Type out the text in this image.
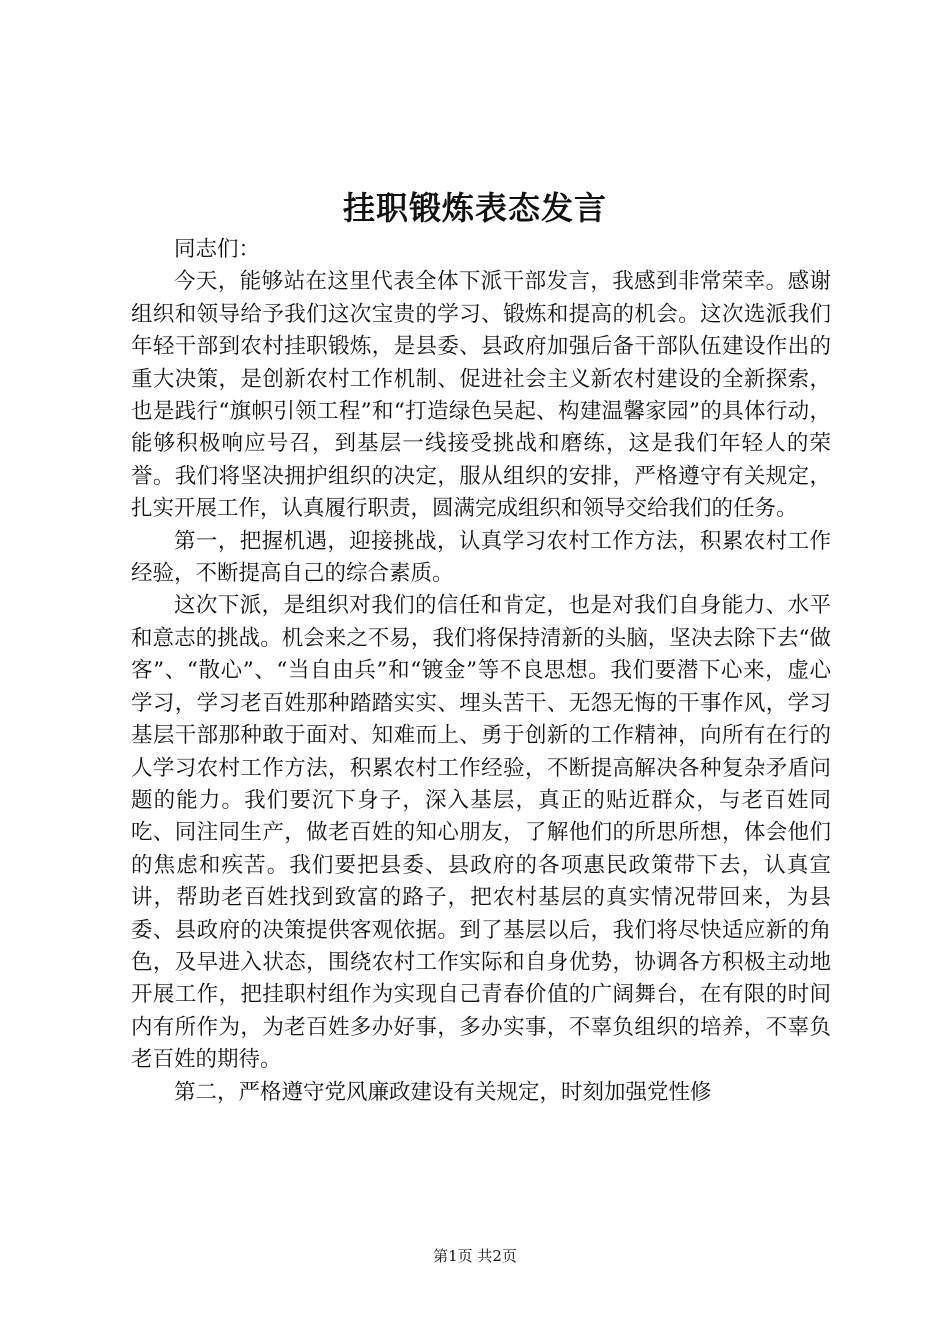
挂职锻炼表态发言

同志们：

今天，能够站在这里代表全体下派干部发言，我感到非常荣幸。感谢组织和领导给予我们这次宝贵的学习、锻炼和提高的机会。这次选派我们年轻干部到农村挂职锻炼，是县委、县政府加强后备干部队伍建设作出的重大决策，是创新农村工作机制、促进社会主义新农村建设的全新探索，也是践行“旗帜引领工程”和“打造绿色吴起、构建温馨家园”的具体行动，能够积极响应号召，到基层一线接受挑战和磨练，这是我们年轻人的荣誉。我们将坚决拥护组织的决定，服从组织的安排，严格遵守有关规定，扎实开展工作，认真履行职责，圆满完成组织和领导交给我们的任务。

第一，把握机遇，迎接挑战，认真学习农村工作方法，积累农村工作经验，不断提高自己的综合素质。

这次下派，是组织对我们的信任和肯定，也是对我们自身能力、水平和意志的挑战。机会来之不易，我们将保持清新的头脑，坚决去除下去“做客”、“散心”、“当自由兵”和“镀金”等不良思想。我们要潜下心来，虚心学习，学习老百姓那种踏踏实实、埋头苦干、无怨无悔的干事作风，学习基层干部那种敢于面对、知难而上、勇于创新的工作精神，向所有在行的人学习农村工作方法，积累农村工作经验，不断提高解决各种复杂矛盾问题的能力。我们要沉下身子，深入基层，真正的贴近群众，与老百姓同吃、同注同生产，做老百姓的知心朋友，了解他们的所思所想，体会他们的焦虑和疾苦。我们要把县委、县政府的各项惠民政策带下去，认真宣讲，帮助老百姓找到致富的路子，把农村基层的真实情况带回来，为县委、县政府的决策提供客观依据。到了基层以后，我们将尽快适应新的角色，及早进入状态，围绕农村工作实际和自身优势，协调各方积极主动地开展工作，把挂职村组作为实现自己青春价值的广阔舞台，在有限的时间内有所作为，为老百姓多办好事，多办实事，不辜负组织的培养，不辜负老百姓的期待。

第二，严格遵守党风廉政建设有关规定，时刻加强党性修

第1页 共2页
